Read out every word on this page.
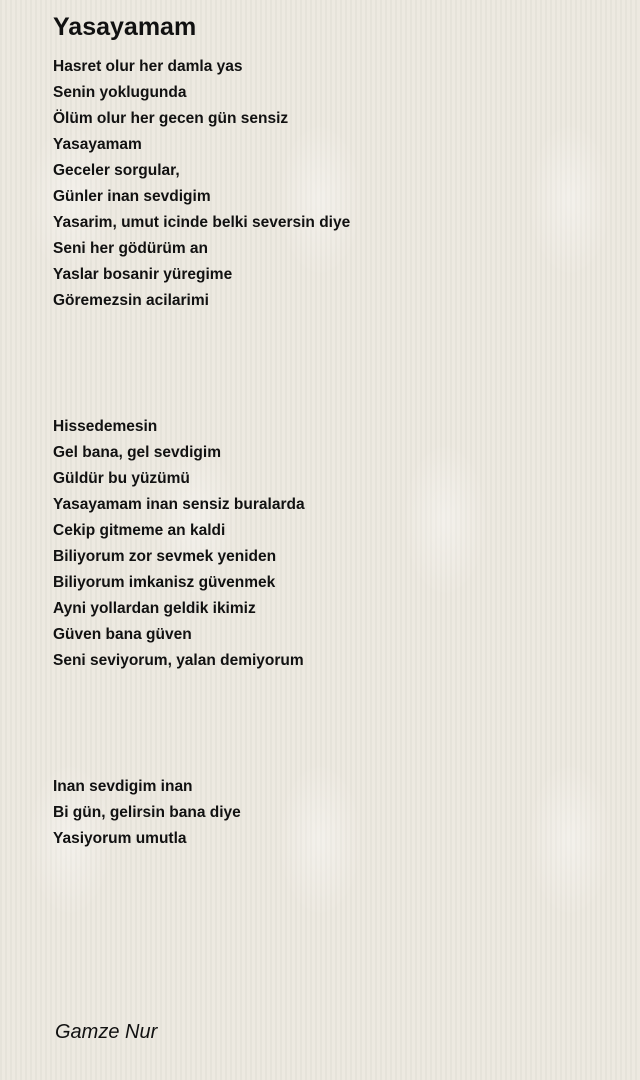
Yasayamam
Hasret olur her damla yas
Senin yoklugunda
Ölüm olur her gecen gün sensiz
Yasayamam
Geceler sorgular,
Günler inan sevdigim
Yasarim, umut icinde belki seversin diye
Seni her gödürüm an
Yaslar bosanir yüregime
Göremezsin acilarimi
Hissedemesin
Gel bana, gel sevdigim
Güldür bu yüzümü
Yasayamam inan sensiz buralarda
Cekip gitmeme an kaldi
Biliyorum zor sevmek yeniden
Biliyorum imkanisz güvenmek
Ayni yollardan geldik ikimiz
Güven bana güven
Seni seviyorum, yalan demiyorum
Inan sevdigim inan
Bi gün, gelirsin bana diye
Yasiyorum umutla
Gamze Nur
